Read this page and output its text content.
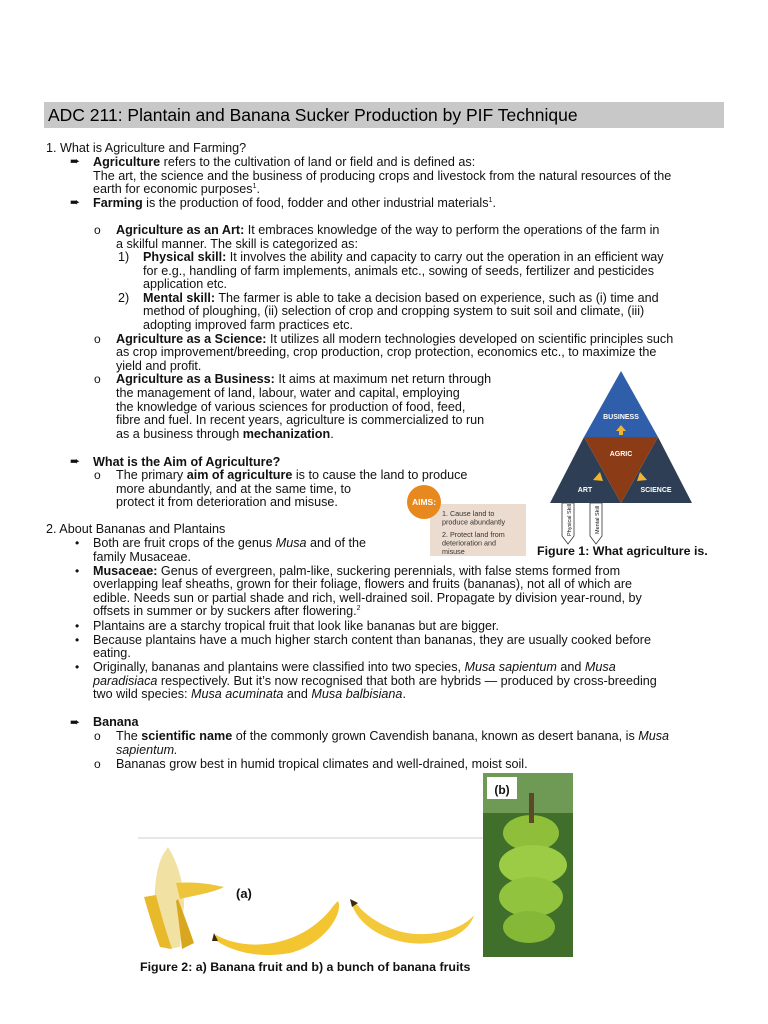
ADC 211: Plantain and Banana Sucker Production by PIF Technique
1. What is Agriculture and Farming?
➨ Agriculture refers to the cultivation of land or field and is defined as:
The art, the science and the business of producing crops and livestock from the natural resources of the
earth for economic purposes$^1$.
➨ Farming is the production of food, fodder and other industrial materials$^1$.
o Agriculture as an Art: It embraces knowledge of the way to perform the operations of the farm in
a skilful manner. The skill is categorized as:
1) Physical skill: It involves the ability and capacity to carry out the operation in an efficient way
for e.g., handling of farm implements, animals etc., sowing of seeds, fertilizer and pesticides
application etc.
2) Mental skill: The farmer is able to take a decision based on experience, such as (i) time and
method of ploughing, (ii) selection of crop and cropping system to suit soil and climate, (iii)
adopting improved farm practices etc.
o Agriculture as a Science: It utilizes all modern technologies developed on scientific principles such
as crop improvement/breeding, crop production, crop protection, economics etc., to maximize the
yield and profit.
o Agriculture as a Business: It aims at maximum net return through
the management of land, labour, water and capital, employing
the knowledge of various sciences for production of food, feed,
fibre and fuel. In recent years, agriculture is commercialized to run
as a business through mechanization.
➨ What is the Aim of Agriculture?
o The primary aim of agriculture is to cause the land to produce
more abundantly, and at the same time, to
protect it from deterioration and misuse.	AIMS:
1. Cause land to produce abundantly
2. Protect land from deterioration and misuse
BUSINESS
AGRIC
ART	SCIENCE
Physical Skill	Mental Skill
Figure 1: What agriculture is.
2. About Bananas and Plantains
• Both are fruit crops of the genus Musa and of the
family Musaceae.
• Musaceae: Genus of evergreen, palm-like, suckering perennials, with false stems formed from
overlapping leaf sheaths, grown for their foliage, flowers and fruits (bananas), not all of which are
edible. Needs sun or partial shade and rich, well-drained soil. Propagate by division year-round, by
offsets in summer or by suckers after flowering.$^2$
• Plantains are a starchy tropical fruit that look like bananas but are bigger.
• Because plantains have a much higher starch content than bananas, they are usually cooked before
eating.
• Originally, bananas and plantains were classified into two species, Musa sapientum and Musa
paradisiaca respectively. But it’s now recognised that both are hybrids — produced by cross-breeding
two wild species: Musa acuminata and Musa balbisiana.
➨ Banana
o The scientific name of the commonly grown Cavendish banana, known as desert banana, is Musa
sapientum.
o Bananas grow best in humid tropical climates and well-drained, moist soil.
(a)
(b)
Figure 2: a) Banana fruit and b) a bunch of banana fruits
